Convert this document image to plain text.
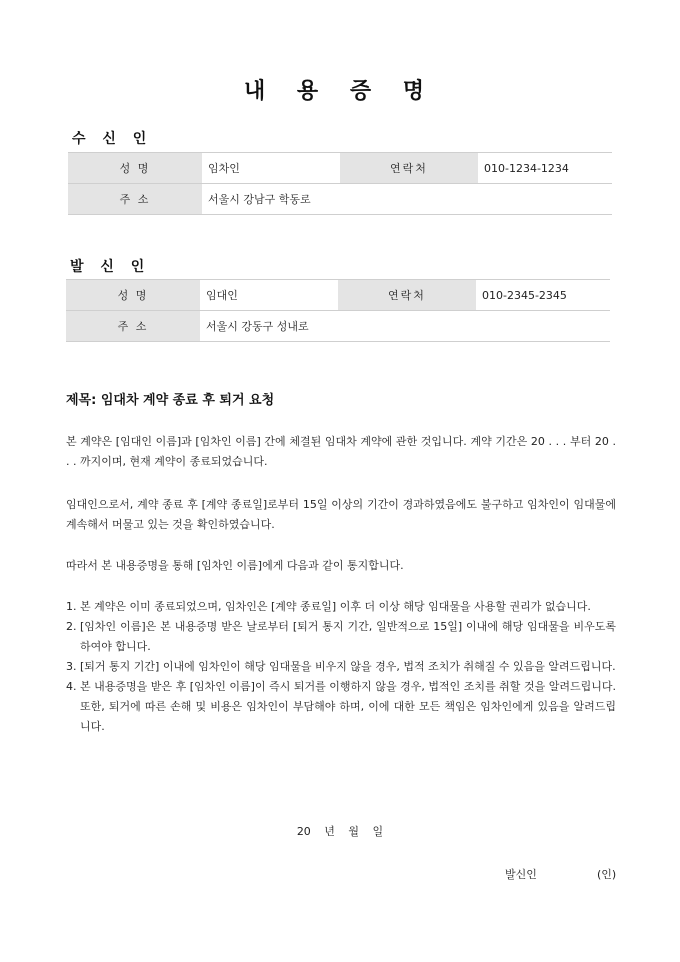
내 용 증 명
수 신 인
성 명	임차인	연락처	010-1234-1234
주 소	서울시 강남구 학동로		
발 신 인
성 명	임대인	연락처	010-2345-2345
주 소	서울시 강동구 성내로		
제목: 임대차 계약 종료 후 퇴거 요청

본 계약은 [임대인 이름]과 [임차인 이름] 간에 체결된 임대차 계약에 관한 것입니다. 계약 기간은 20 . . . 부터 20 . . . 까지이며, 현재 계약이 종료되었습니다.

임대인으로서, 계약 종료 후 [계약 종료일]로부터 15일 이상의 기간이 경과하였음에도 불구하고 임차인이 임대물에 계속해서 머물고 있는 것을 확인하였습니다.

따라서 본 내용증명을 통해 [임차인 이름]에게 다음과 같이 통지합니다.

1. 본 계약은 이미 종료되었으며, 임차인은 [계약 종료일] 이후 더 이상 해당 임대물을 사용할 권리가 없습니다.
2. [임차인 이름]은 본 내용증명 받은 날로부터 [퇴거 통지 기간, 일반적으로 15일] 이내에 해당 임대물을 비우도록 하여야 합니다.
3. [퇴거 통지 기간] 이내에 임차인이 해당 임대물을 비우지 않을 경우, 법적 조치가 취해질 수 있음을 알려드립니다.
4. 본 내용증명을 받은 후 [임차인 이름]이 즉시 퇴거를 이행하지 않을 경우, 법적인 조치를 취할 것을 알려드립니다. 또한, 퇴거에 따른 손해 및 비용은 임차인이 부담해야 하며, 이에 대한 모든 책임은 임차인에게 있음을 알려드립니다.
20 년 월 일
발신인	(인)
